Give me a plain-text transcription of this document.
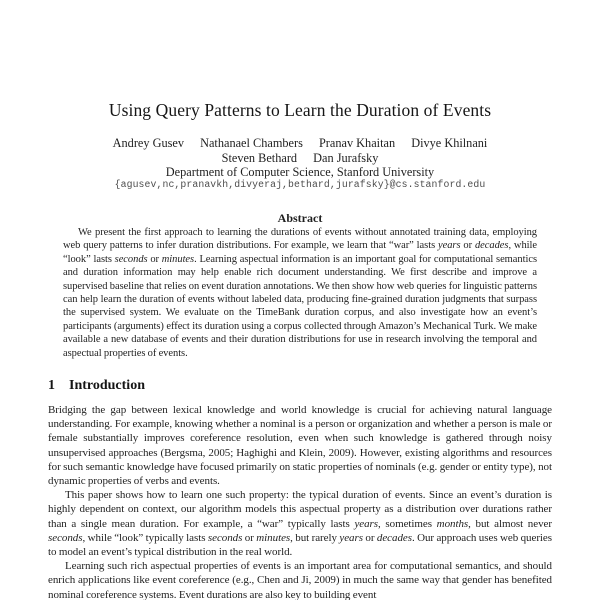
Using Query Patterns to Learn the Duration of Events
Andrey Gusev Nathanael Chambers Pranav Khaitan Divye Khilnani
Steven Bethard Dan Jurafsky
Department of Computer Science, Stanford University
{agusev,nc,pranavkh,divyeraj,bethard,jurafsky}@cs.stanford.edu
Abstract
We present the first approach to learning the durations of events without annotated training data, employing web query patterns to infer duration distributions. For example, we learn that “war” lasts years or decades, while “look” lasts seconds or minutes. Learning aspectual information is an important goal for computational semantics and duration information may help enable rich document understanding. We first describe and improve a supervised baseline that relies on event duration annotations. We then show how web queries for linguistic patterns can help learn the duration of events without labeled data, producing fine-grained duration judgments that surpass the supervised system. We evaluate on the TimeBank duration corpus, and also investigate how an event’s participants (arguments) effect its duration using a corpus collected through Amazon’s Mechanical Turk. We make available a new database of events and their duration distributions for use in research involving the temporal and aspectual properties of events.
1 Introduction

Bridging the gap between lexical knowledge and world knowledge is crucial for achieving natural language understanding. For example, knowing whether a nominal is a person or organization and whether a person is male or female substantially improves coreference resolution, even when such knowledge is gathered through noisy unsupervised approaches (Bergsma, 2005; Haghighi and Klein, 2009). However, existing algorithms and resources for such semantic knowledge have focused primarily on static properties of nominals (e.g. gender or entity type), not dynamic properties of verbs and events.

This paper shows how to learn one such property: the typical duration of events. Since an event’s duration is highly dependent on context, our algorithm models this aspectual property as a distribution over durations rather than a single mean duration. For example, a “war” typically lasts years, sometimes months, but almost never seconds, while “look” typically lasts seconds or minutes, but rarely years or decades. Our approach uses web queries to model an event’s typical distribution in the real world.

Learning such rich aspectual properties of events is an important area for computational semantics, and should enrich applications like event coreference (e.g., Chen and Ji, 2009) in much the same way that gender has benefited nominal coreference systems. Event durations are also key to building event
